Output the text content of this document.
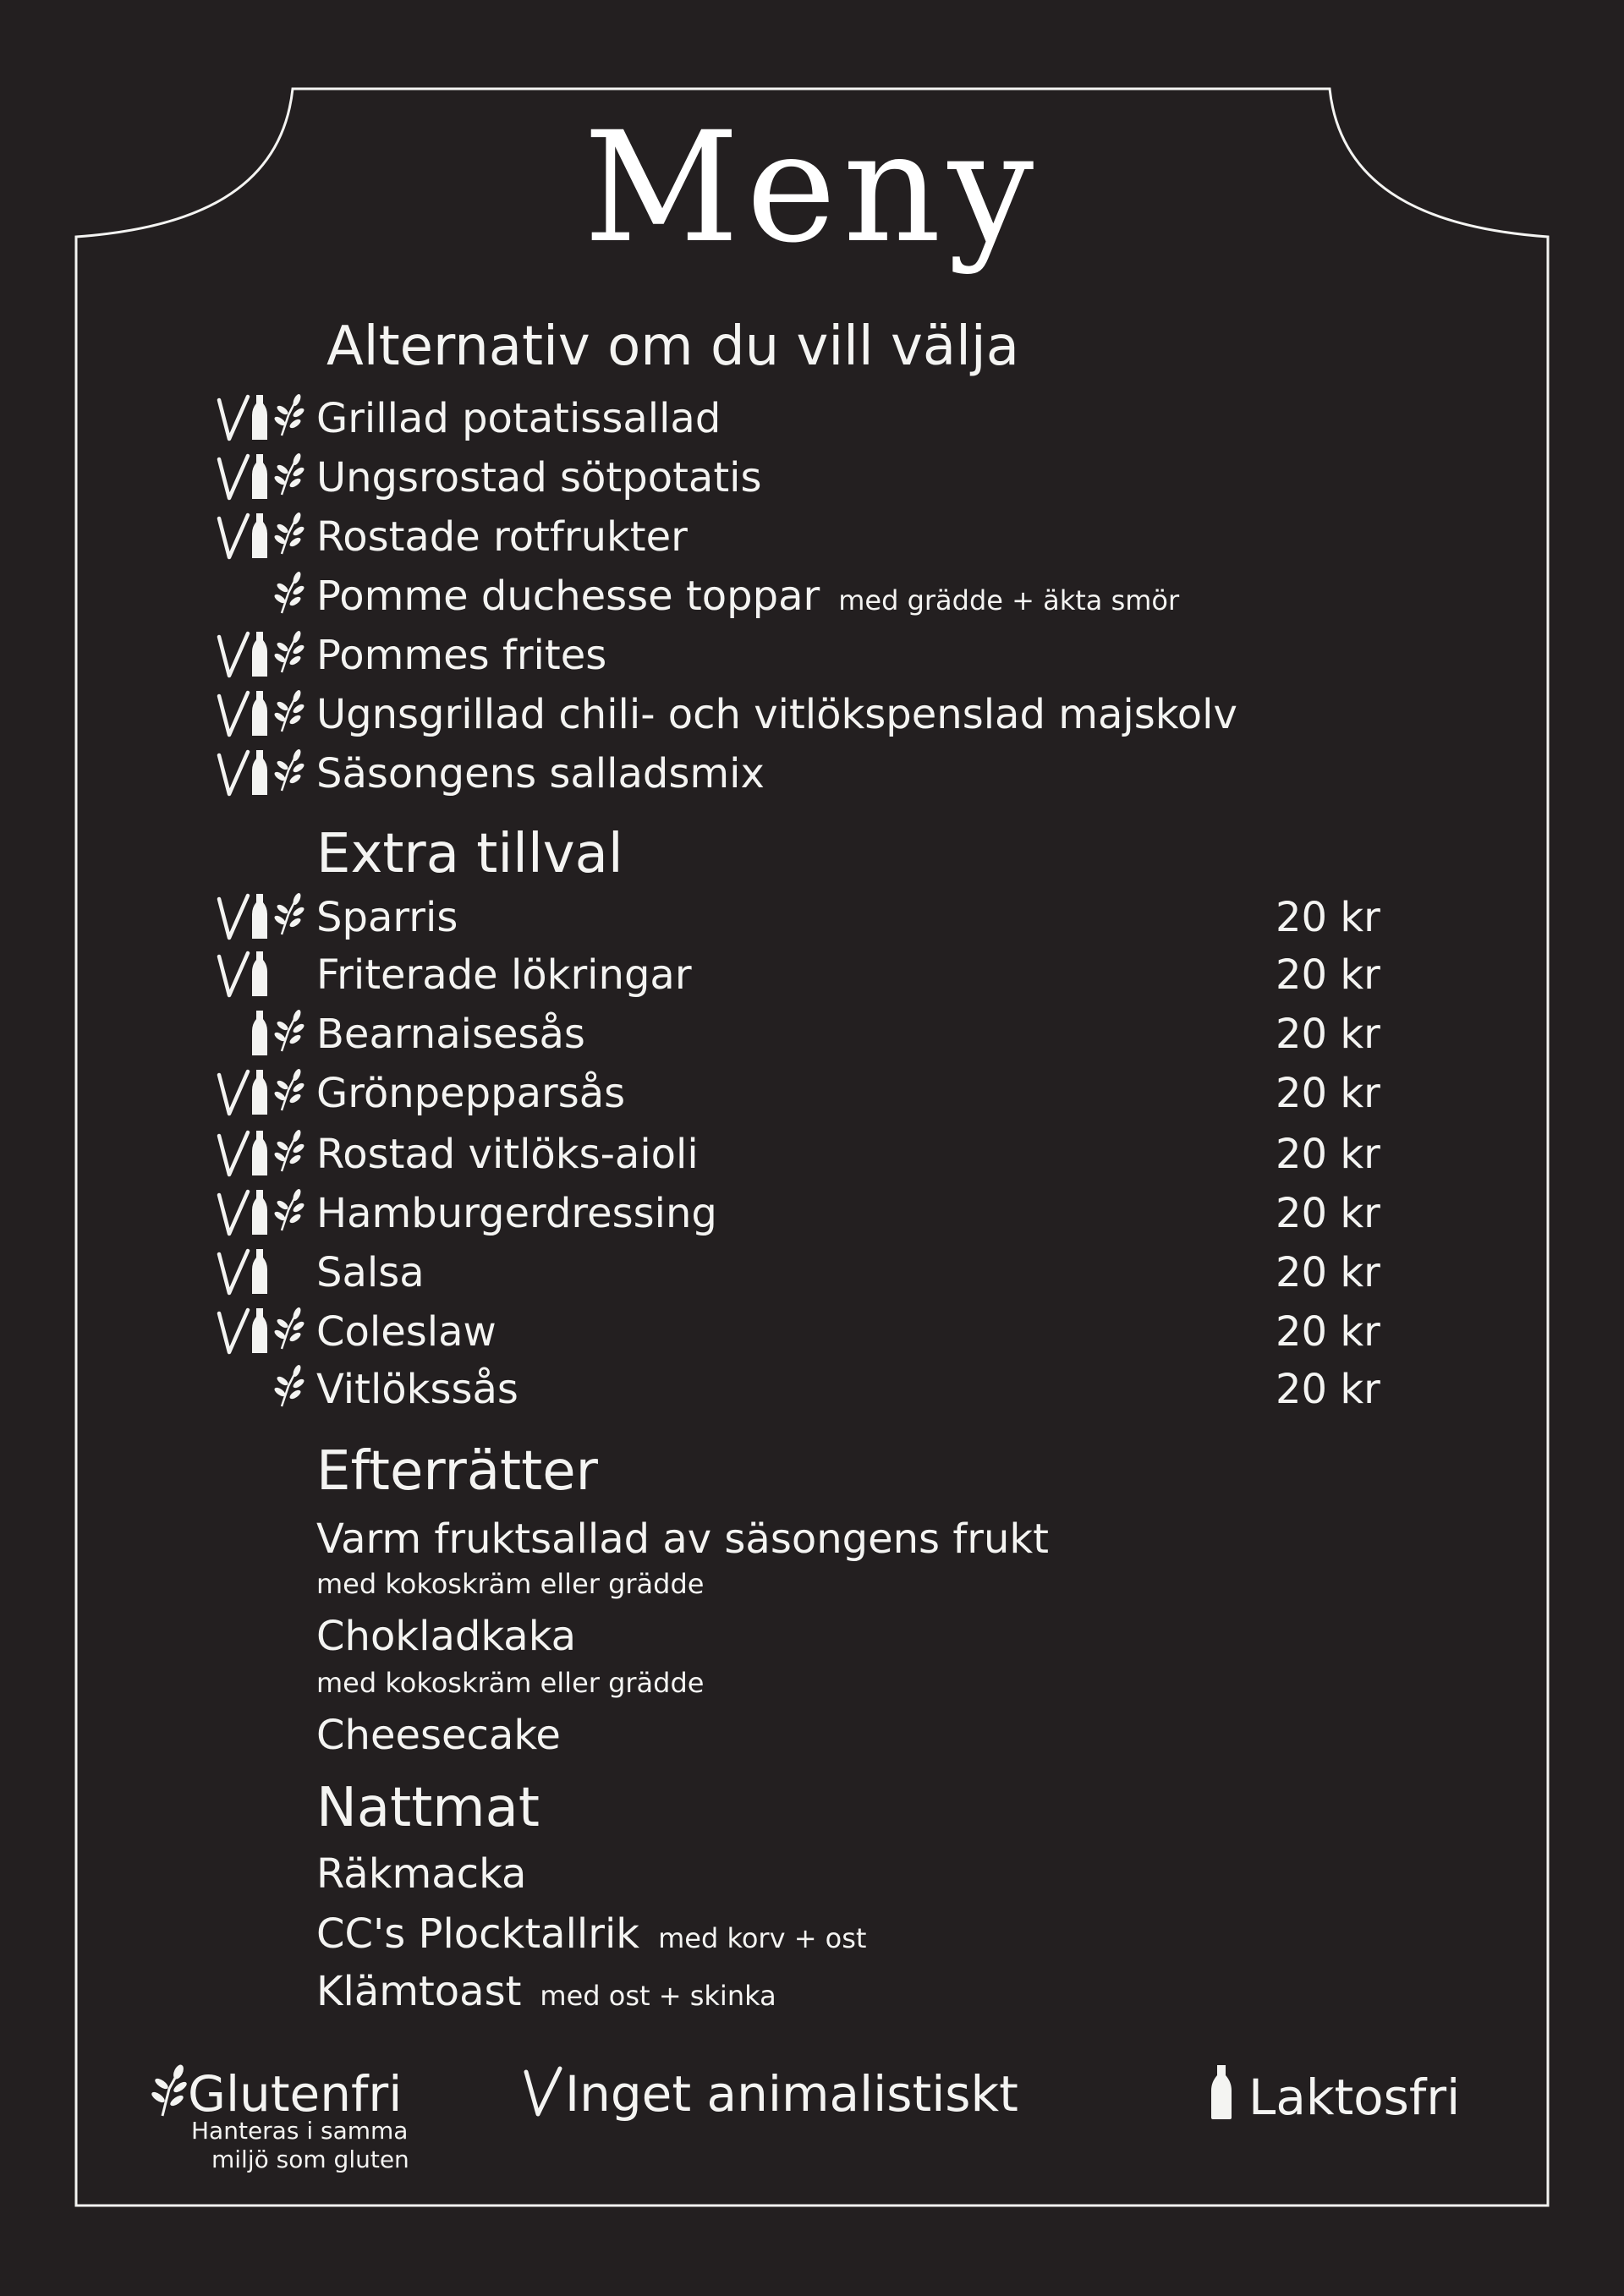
Meny
Alternativ om du vill välja
Grillad potatissallad
Ungsrostad sötpotatis
Rostade rotfrukter
Pomme duchesse toppar med grädde + äkta smör
Pommes frites
Ugnsgrillad chili- och vitlökspenslad majskolv
Säsongens salladsmix
Extra tillval
Sparris	20 kr
Friterade lökringar	20 kr
Bearnaisesås	20 kr
Grönpepparsås	20 kr
Rostad vitlöks-aioli	20 kr
Hamburgerdressing	20 kr
Salsa	20 kr
Coleslaw	20 kr
Vitlökssås	20 kr
Efterrätter
Varm fruktsallad av säsongens frukt
med kokoskräm eller grädde
Chokladkaka
med kokoskräm eller grädde
Cheesecake
Nattmat
Räkmacka
CC's Plocktallrik med korv + ost
Klämtoast med ost + skinka
Glutenfri
Hanteras i samma
miljö som gluten
Inget animalistiskt	Laktosfri
